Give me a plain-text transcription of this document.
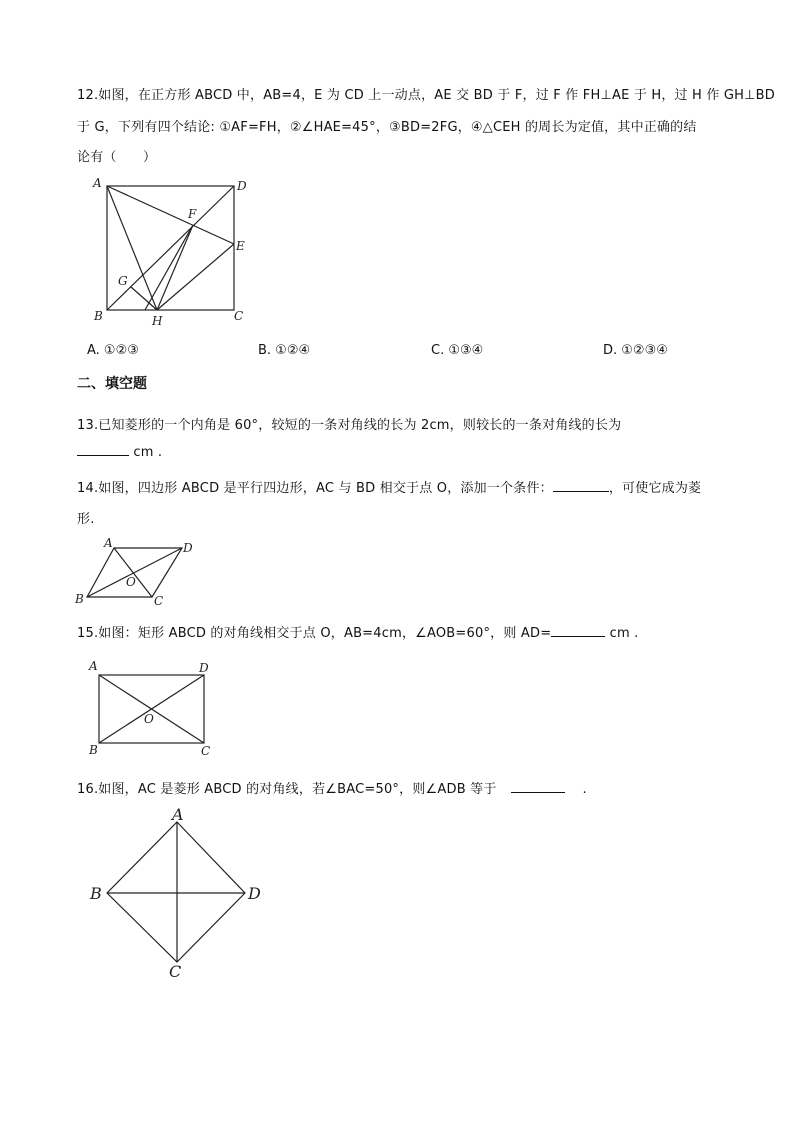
12.如图，在正方形 ABCD 中，AB=4，E 为 CD 上一动点，AE 交 BD 于 F，过 F 作 FH⊥AE 于 H，过 H 作 GH⊥BD
于 G，下列有四个结论: ①AF=FH，②∠HAE=45°，③BD=2FG，④△CEH 的周长为定值，其中正确的结
论有（　　）
A	D
F
E
G
B	H	C
A. ①②③	B. ①②④	C. ①③④	D. ①②③④
二、填空题
13.已知菱形的一个内角是 60°，较短的一条对角线的长为 2cm，则较长的一条对角线的长为
cm .
14.如图，四边形 ABCD 是平行四边形，AC 与 BD 相交于点 O，添加一个条件：	，可使它成为菱
形.
A	D
O
B	C
15.如图：矩形 ABCD 的对角线相交于点 O，AB=4cm，∠AOB=60°，则 AD=	cm .
A	D
O
B	C
16.如图，AC 是菱形 ABCD 的对角线，若∠BAC=50°，则∠ADB 等于	.
A
B	D
C
